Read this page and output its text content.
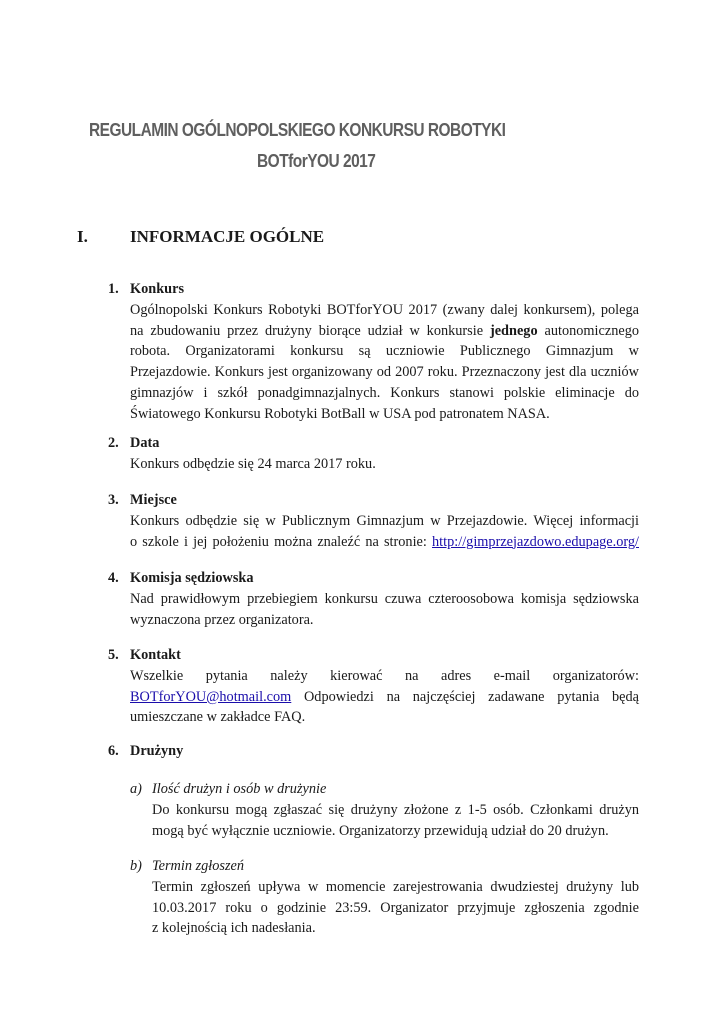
REGULAMIN OGÓLNOPOLSKIEGO KONKURSU ROBOTYKI
BOTforYOU 2017
I. INFORMACJE OGÓLNE
1. Konkurs
Ogólnopolski Konkurs Robotyki BOTforYOU 2017 (zwany dalej konkursem), polega
na zbudowaniu przez drużyny biorące udział w konkursie jednego autonomicznego
robota. Organizatorami konkursu są uczniowie Publicznego Gimnazjum w
Przejazdowie. Konkurs jest organizowany od 2007 roku. Przeznaczony jest dla uczniów
gimnazjów i szkół ponadgimnazjalnych. Konkurs stanowi polskie eliminacje do
Światowego Konkursu Robotyki BotBall w USA pod patronatem NASA.
2. Data
Konkurs odbędzie się 24 marca 2017 roku.
3. Miejsce
Konkurs odbędzie się w Publicznym Gimnazjum w Przejazdowie. Więcej informacji
o szkole i jej położeniu można znaleźć na stronie: http://gimprzejazdowo.edupage.org/
4. Komisja sędziowska
Nad prawidłowym przebiegiem konkursu czuwa czteroosobowa komisja sędziowska
wyznaczona przez organizatora.
5. Kontakt
Wszelkie pytania należy kierować na adres e-mail organizatorów:
BOTforYOU@hotmail.com Odpowiedzi na najczęściej zadawane pytania będą
umieszczane w zakładce FAQ.
6. Drużyny
a) Ilość drużyn i osób w drużynie
Do konkursu mogą zgłaszać się drużyny złożone z 1-5 osób. Członkami drużyn
mogą być wyłącznie uczniowie. Organizatorzy przewidują udział do 20 drużyn.
b) Termin zgłoszeń
Termin zgłoszeń upływa w momencie zarejestrowania dwudziestej drużyny lub
10.03.2017 roku o godzinie 23:59. Organizator przyjmuje zgłoszenia zgodnie
z kolejnością ich nadesłania.
